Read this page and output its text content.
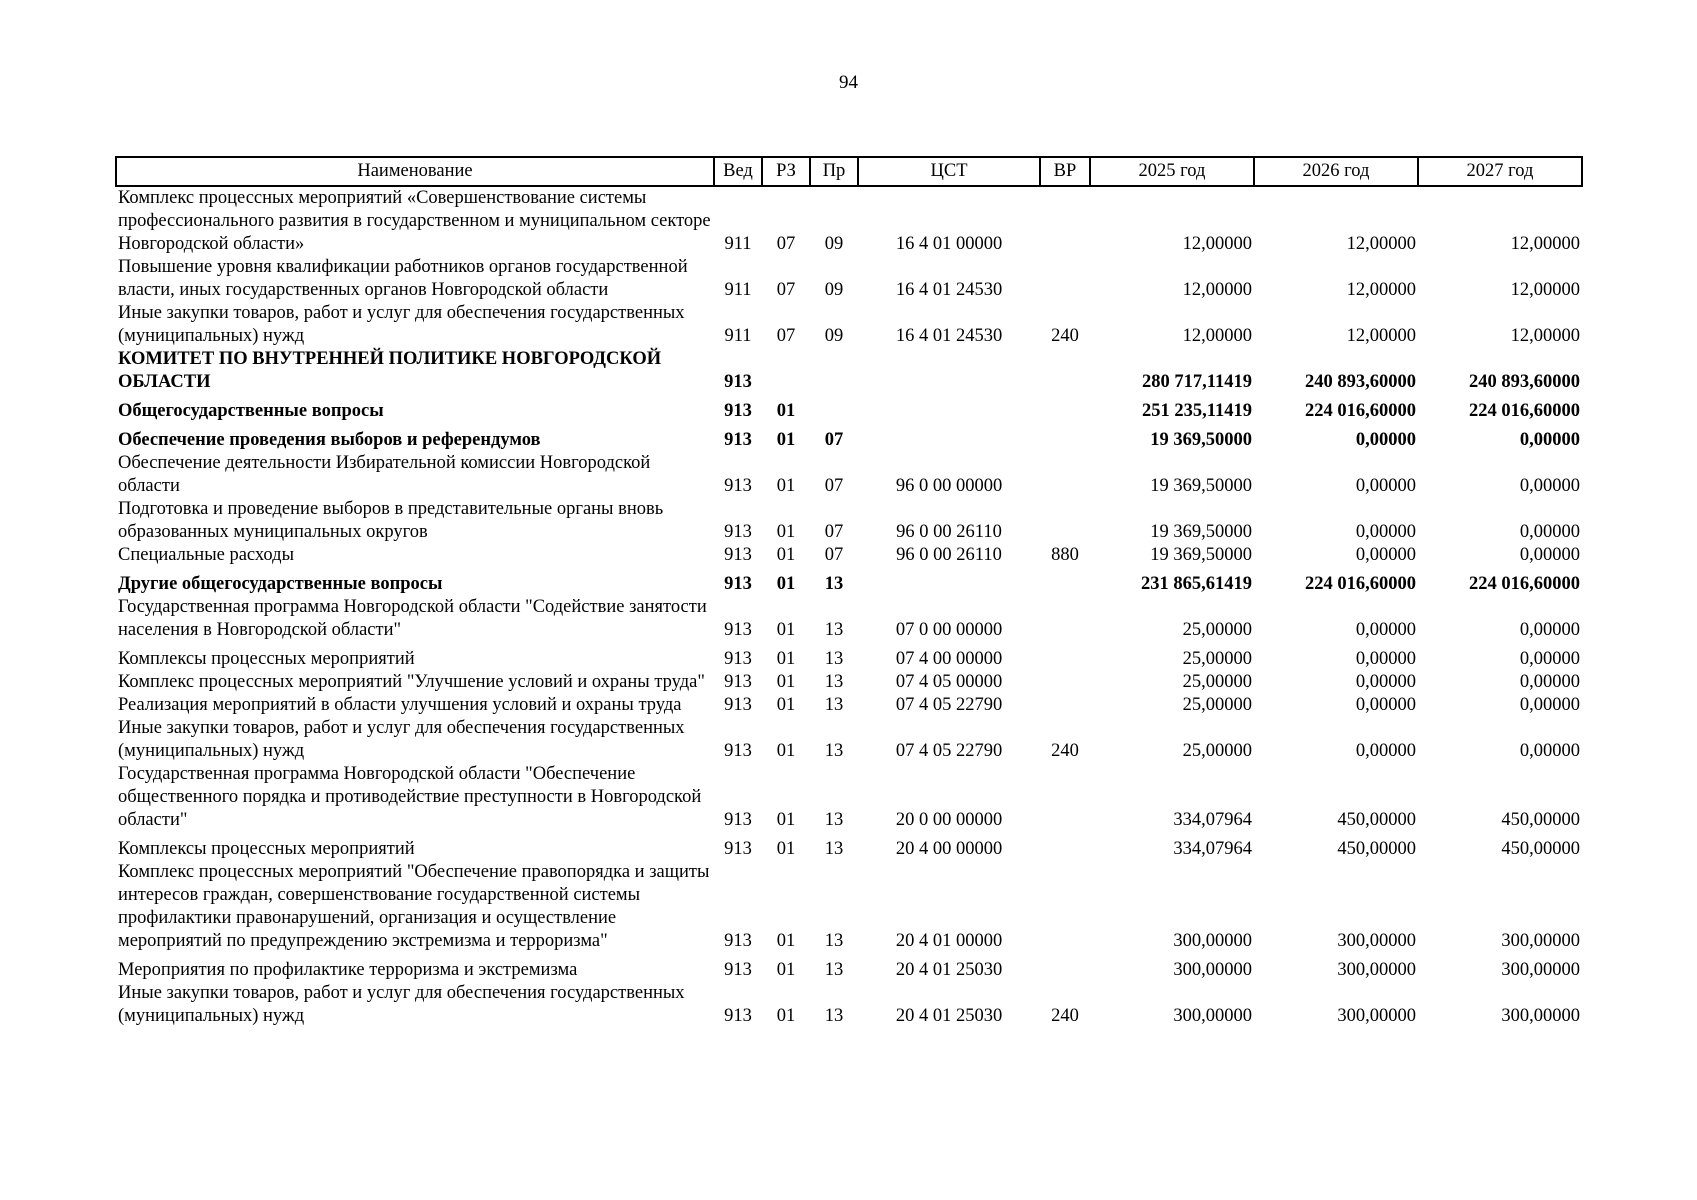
94
Наименование	Вед	РЗ	Пр	ЦСТ	ВР	2025 год	2026 год	2027 год
Комплекс процессных мероприятий «Совершенствование системы профессионального развития в государственном и муниципальном секторе Новгородской области»	911	07	09	16 4 01 00000		12,00000	12,00000	12,00000
Повышение уровня квалификации работников органов государственной власти, иных государственных органов Новгородской области	911	07	09	16 4 01 24530		12,00000	12,00000	12,00000
Иные закупки товаров, работ и услуг для обеспечения государственных (муниципальных) нужд	911	07	09	16 4 01 24530	240	12,00000	12,00000	12,00000
КОМИТЕТ ПО ВНУТРЕННЕЙ ПОЛИТИКЕ НОВГОРОДСКОЙ ОБЛАСТИ	913					280 717,11419	240 893,60000	240 893,60000
Общегосударственные вопросы	913	01				251 235,11419	224 016,60000	224 016,60000
Обеспечение проведения выборов и референдумов	913	01	07			19 369,50000	0,00000	0,00000
Обеспечение деятельности Избирательной комиссии Новгородской области	913	01	07	96 0 00 00000		19 369,50000	0,00000	0,00000
Подготовка и проведение выборов в представительные органы вновь образованных муниципальных округов	913	01	07	96 0 00 26110		19 369,50000	0,00000	0,00000
Специальные расходы	913	01	07	96 0 00 26110	880	19 369,50000	0,00000	0,00000
Другие общегосударственные вопросы	913	01	13			231 865,61419	224 016,60000	224 016,60000
Государственная программа Новгородской области "Содействие занятости населения в Новгородской области"	913	01	13	07 0 00 00000		25,00000	0,00000	0,00000
Комплексы процессных мероприятий	913	01	13	07 4 00 00000		25,00000	0,00000	0,00000
Комплекс процессных мероприятий "Улучшение условий и охраны труда"	913	01	13	07 4 05 00000		25,00000	0,00000	0,00000
Реализация мероприятий в области улучшения условий и охраны труда	913	01	13	07 4 05 22790		25,00000	0,00000	0,00000
Иные закупки товаров, работ и услуг для обеспечения государственных (муниципальных) нужд	913	01	13	07 4 05 22790	240	25,00000	0,00000	0,00000
Государственная программа Новгородской области "Обеспечение общественного порядка и противодействие преступности в Новгородской области"	913	01	13	20 0 00 00000		334,07964	450,00000	450,00000
Комплексы процессных мероприятий	913	01	13	20 4 00 00000		334,07964	450,00000	450,00000
Комплекс процессных мероприятий "Обеспечение правопорядка и защиты интересов граждан, совершенствование государственной системы профилактики правонарушений, организация и осуществление мероприятий по предупреждению экстремизма и терроризма"	913	01	13	20 4 01 00000		300,00000	300,00000	300,00000
Мероприятия по профилактике терроризма и экстремизма	913	01	13	20 4 01 25030		300,00000	300,00000	300,00000
Иные закупки товаров, работ и услуг для обеспечения государственных (муниципальных) нужд	913	01	13	20 4 01 25030	240	300,00000	300,00000	300,00000
